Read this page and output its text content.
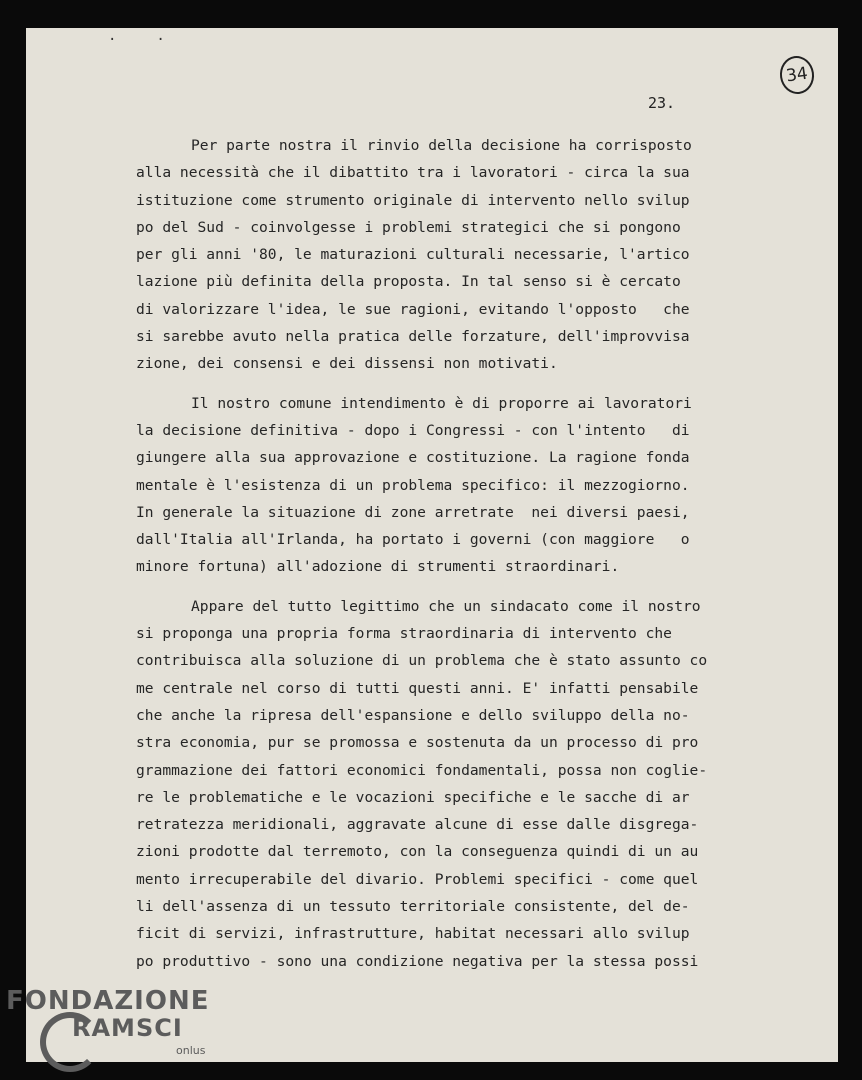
··
34
23.
Per parte nostra il rinvio della decisione ha corrisposto
alla necessità che il dibattito tra i lavoratori - circa la sua
istituzione come strumento originale di intervento nello svilup
po del Sud - coinvolgesse i problemi strategici che si pongono
per gli anni '80, le maturazioni culturali necessarie, l'artico
lazione più definita della proposta. In tal senso si è cercato
di valorizzare l'idea, le sue ragioni, evitando l'opposto   che
si sarebbe avuto nella pratica delle forzature, dell'improvvisa
zione, dei consensi e dei dissensi non motivati.
Il nostro comune intendimento è di proporre ai lavoratori
la decisione definitiva - dopo i Congressi - con l'intento   di
giungere alla sua approvazione e costituzione. La ragione fonda
mentale è l'esistenza di un problema specifico: il mezzogiorno.
In generale la situazione di zone arretrate  nei diversi paesi,
dall'Italia all'Irlanda, ha portato i governi (con maggiore   o
minore fortuna) all'adozione di strumenti straordinari.
Appare del tutto legittimo che un sindacato come il nostro
si proponga una propria forma straordinaria di intervento che
contribuisca alla soluzione di un problema che è stato assunto co
me centrale nel corso di tutti questi anni. E' infatti pensabile
che anche la ripresa dell'espansione e dello sviluppo della no-
stra economia, pur se promossa e sostenuta da un processo di pro
grammazione dei fattori economici fondamentali, possa non coglie-
re le problematiche e le vocazioni specifiche e le sacche di ar
retratezza meridionali, aggravate alcune di esse dalle disgrega-
zioni prodotte dal terremoto, con la conseguenza quindi di un au
mento irrecuperabile del divario. Problemi specifici - come quel
li dell'assenza di un tessuto territoriale consistente, del de-
ficit di servizi, infrastrutture, habitat necessari allo svilup
po produttivo - sono una condizione negativa per la stessa possi
FONDAZIONE
RAMSCI
onlus
